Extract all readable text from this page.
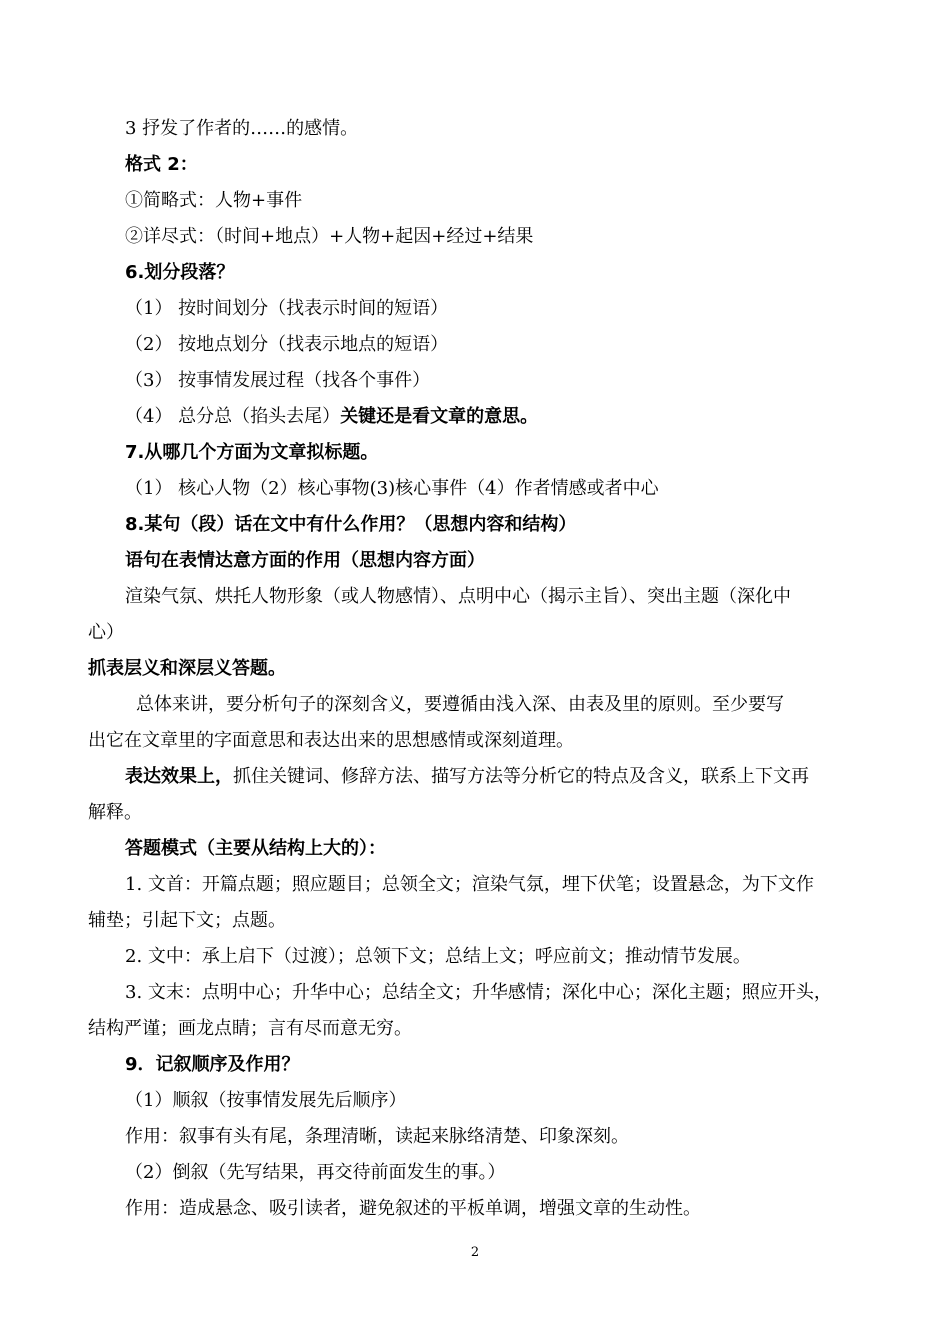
3 抒发了作者的……的感情。
格式 2：
①简略式：人物+事件
②详尽式：（时间+地点）+人物+起因+经过+结果
6.划分段落？
（1） 按时间划分（找表示时间的短语）
（2） 按地点划分（找表示地点的短语）
（3） 按事情发展过程（找各个事件）
（4） 总分总（掐头去尾）关键还是看文章的意思。
7.从哪几个方面为文章拟标题。
（1） 核心人物（2）核心事物(3)核心事件（4）作者情感或者中心
8.某句（段）话在文中有什么作用？（思想内容和结构）
语句在表情达意方面的作用（思想内容方面）
渲染气氛、烘托人物形象（或人物感情）、点明中心（揭示主旨）、突出主题（深化中
心）
抓表层义和深层义答题。
总体来讲，要分析句子的深刻含义，要遵循由浅入深、由表及里的原则。至少要写
出它在文章里的字面意思和表达出来的思想感情或深刻道理。
表达效果上，抓住关键词、修辞方法、描写方法等分析它的特点及含义，联系上下文再
解释。
答题模式（主要从结构上大的）：
1. 文首：开篇点题；照应题目；总领全文；渲染气氛，埋下伏笔；设置悬念，为下文作
辅垫；引起下文；点题。
2. 文中：承上启下（过渡）；总领下文；总结上文；呼应前文；推动情节发展。
3. 文末：点明中心；升华中心；总结全文；升华感情；深化中心；深化主题；照应开头，
结构严谨；画龙点睛；言有尽而意无穷。
9．记叙顺序及作用？
（1）顺叙（按事情发展先后顺序）
作用：叙事有头有尾，条理清晰，读起来脉络清楚、印象深刻。
（2）倒叙（先写结果，再交待前面发生的事。）
作用：造成悬念、吸引读者，避免叙述的平板单调，增强文章的生动性。
2
